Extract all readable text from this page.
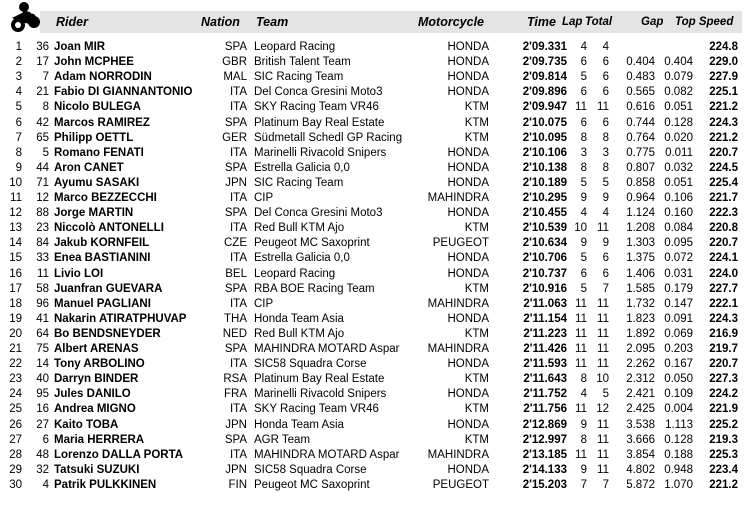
Rider	Nation Team	Motorcycle	Time Lap Total	Gap Top Speed
1	36 Joan MIR	SPA Leopard Racing	HONDA	2'09.331	4	4	224.8
2	17 John MCPHEE	GBR British Talent Team	HONDA	2'09.735	6	6	0.404 0.404	229.0
3	7 Adam NORRODIN	MAL SIC Racing Team	HONDA	2'09.814	5	6	0.483 0.079	227.9
4	21 Fabio DI GIANNANTONIO	ITA Del Conca Gresini Moto3	HONDA	2'09.896	6	6	0.565 0.082	225.1
5	8 Nicolo BULEGA	ITA SKY Racing Team VR46	KTM	2'09.947 11 11	0.616 0.051	221.2
6	42 Marcos RAMIREZ	SPA Platinum Bay Real Estate	KTM	2'10.075	6	6	0.744 0.128	224.3
7	65 Philipp OETTL	GER Südmetall Schedl GP Racing	KTM	2'10.095	8	8	0.764 0.020	221.2
8	5 Romano FENATI	ITA Marinelli Rivacold Snipers	HONDA	2'10.106	3	3	0.775 0.011	220.7
9	44 Aron CANET	SPA Estrella Galicia 0,0	HONDA	2'10.138	8	8	0.807 0.032	224.5
10	71 Ayumu SASAKI	JPN SIC Racing Team	HONDA	2'10.189	5	5	0.858 0.051	225.4
11	12 Marco BEZZECCHI	ITA CIP	MAHINDRA	2'10.295	9	9	0.964 0.106	221.7
12	88 Jorge MARTIN	SPA Del Conca Gresini Moto3	HONDA	2'10.455	4	4	1.124 0.160	222.3
13	23 Niccolò ANTONELLI	ITA Red Bull KTM Ajo	KTM	2'10.539 10 11	1.208 0.084	220.8
14	84 Jakub KORNFEIL	CZE Peugeot MC Saxoprint	PEUGEOT	2'10.634	9	9	1.303 0.095	220.7
15	33 Enea BASTIANINI	ITA Estrella Galicia 0,0	HONDA	2'10.706	5	6	1.375 0.072	224.1
16	11 Livio LOI	BEL Leopard Racing	HONDA	2'10.737	6	6	1.406 0.031	224.0
17	58 Juanfran GUEVARA	SPA RBA BOE Racing Team	KTM	2'10.916	5	7	1.585 0.179	227.7
18	96 Manuel PAGLIANI	ITA CIP	MAHINDRA	2'11.063 11 11	1.732 0.147	222.1
19	41 Nakarin ATIRATPHUVAP	THA Honda Team Asia	HONDA	2'11.154 11 11	1.823 0.091	224.3
20	64 Bo BENDSNEYDER	NED Red Bull KTM Ajo	KTM	2'11.223 11 11	1.892 0.069	216.9
21	75 Albert ARENAS	SPA MAHINDRA MOTARD Aspar	MAHINDRA	2'11.426 11 11	2.095 0.203	219.7
22	14 Tony ARBOLINO	ITA SIC58 Squadra Corse	HONDA	2'11.593 11 11	2.262 0.167	220.7
23	40 Darryn BINDER	RSA Platinum Bay Real Estate	KTM	2'11.643	8 10	2.312 0.050	227.3
24	95 Jules DANILO	FRA Marinelli Rivacold Snipers	HONDA	2'11.752	4	5	2.421 0.109	224.2
25	16 Andrea MIGNO	ITA SKY Racing Team VR46	KTM	2'11.756 11 12	2.425 0.004	221.9
26	27 Kaito TOBA	JPN Honda Team Asia	HONDA	2'12.869	9 11	3.538 1.113	225.2
27	6 Maria HERRERA	SPA AGR Team	KTM	2'12.997	8 11	3.666 0.128	219.3
28	48 Lorenzo DALLA PORTA	ITA MAHINDRA MOTARD Aspar	MAHINDRA	2'13.185 11 11	3.854 0.188	225.3
29	32 Tatsuki SUZUKI	JPN SIC58 Squadra Corse	HONDA	2'14.133	9 11	4.802 0.948	223.4
30	4 Patrik PULKKINEN	FIN Peugeot MC Saxoprint	PEUGEOT	2'15.203	7	7	5.872 1.070	221.2
